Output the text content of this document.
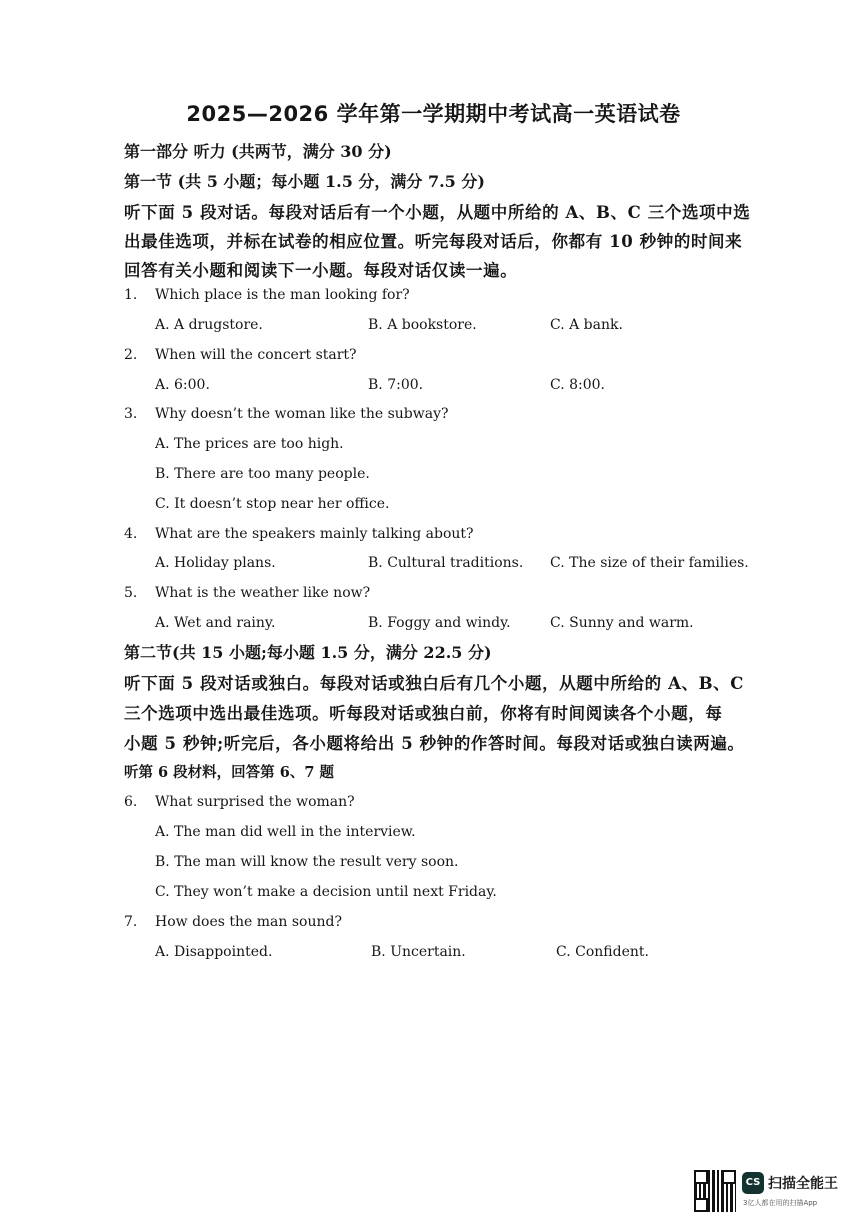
2025—2026 学年第一学期期中考试高一英语试卷
第一部分 听力 (共两节，满分 30 分)
第一节 (共 5 小题；每小题 1.5 分，满分 7.5 分)
听下面 5 段对话。每段对话后有一个小题，从题中所给的 A、B、C 三个选项中选
出最佳选项，并标在试卷的相应位置。听完每段对话后，你都有 10 秒钟的时间来
回答有关小题和阅读下一小题。每段对话仅读一遍。
1. Which place is the man looking for?
A. A drugstore.	B. A bookstore.	C. A bank.
2. When will the concert start?
A. 6:00.	B. 7:00.	C. 8:00.
3. Why doesn’t the woman like the subway?
A. The prices are too high.
B. There are too many people.
C. It doesn’t stop near her office.
4. What are the speakers mainly talking about?
A. Holiday plans.	B. Cultural traditions. C. The size of their families.
5. What is the weather like now?
A. Wet and rainy.	B. Foggy and windy.	C. Sunny and warm.
第二节(共 15 小题;每小题 1.5 分，满分 22.5 分)
听下面 5 段对话或独白。每段对话或独白后有几个小题，从题中所给的 A、B、C
三个选项中选出最佳选项。听每段对话或独白前，你将有时间阅读各个小题，每
小题 5 秒钟;听完后，各小题将给出 5 秒钟的作答时间。每段对话或独白读两遍。
听第 6 段材料，回答第 6、7 题
6. What surprised the woman?
A. The man did well in the interview.
B. The man will know the result very soon.
C. They won’t make a decision until next Friday.
7. How does the man sound?
A. Disappointed.	B. Uncertain.	C. Confident.
CS 扫描全能王
3亿人都在用的扫描App
